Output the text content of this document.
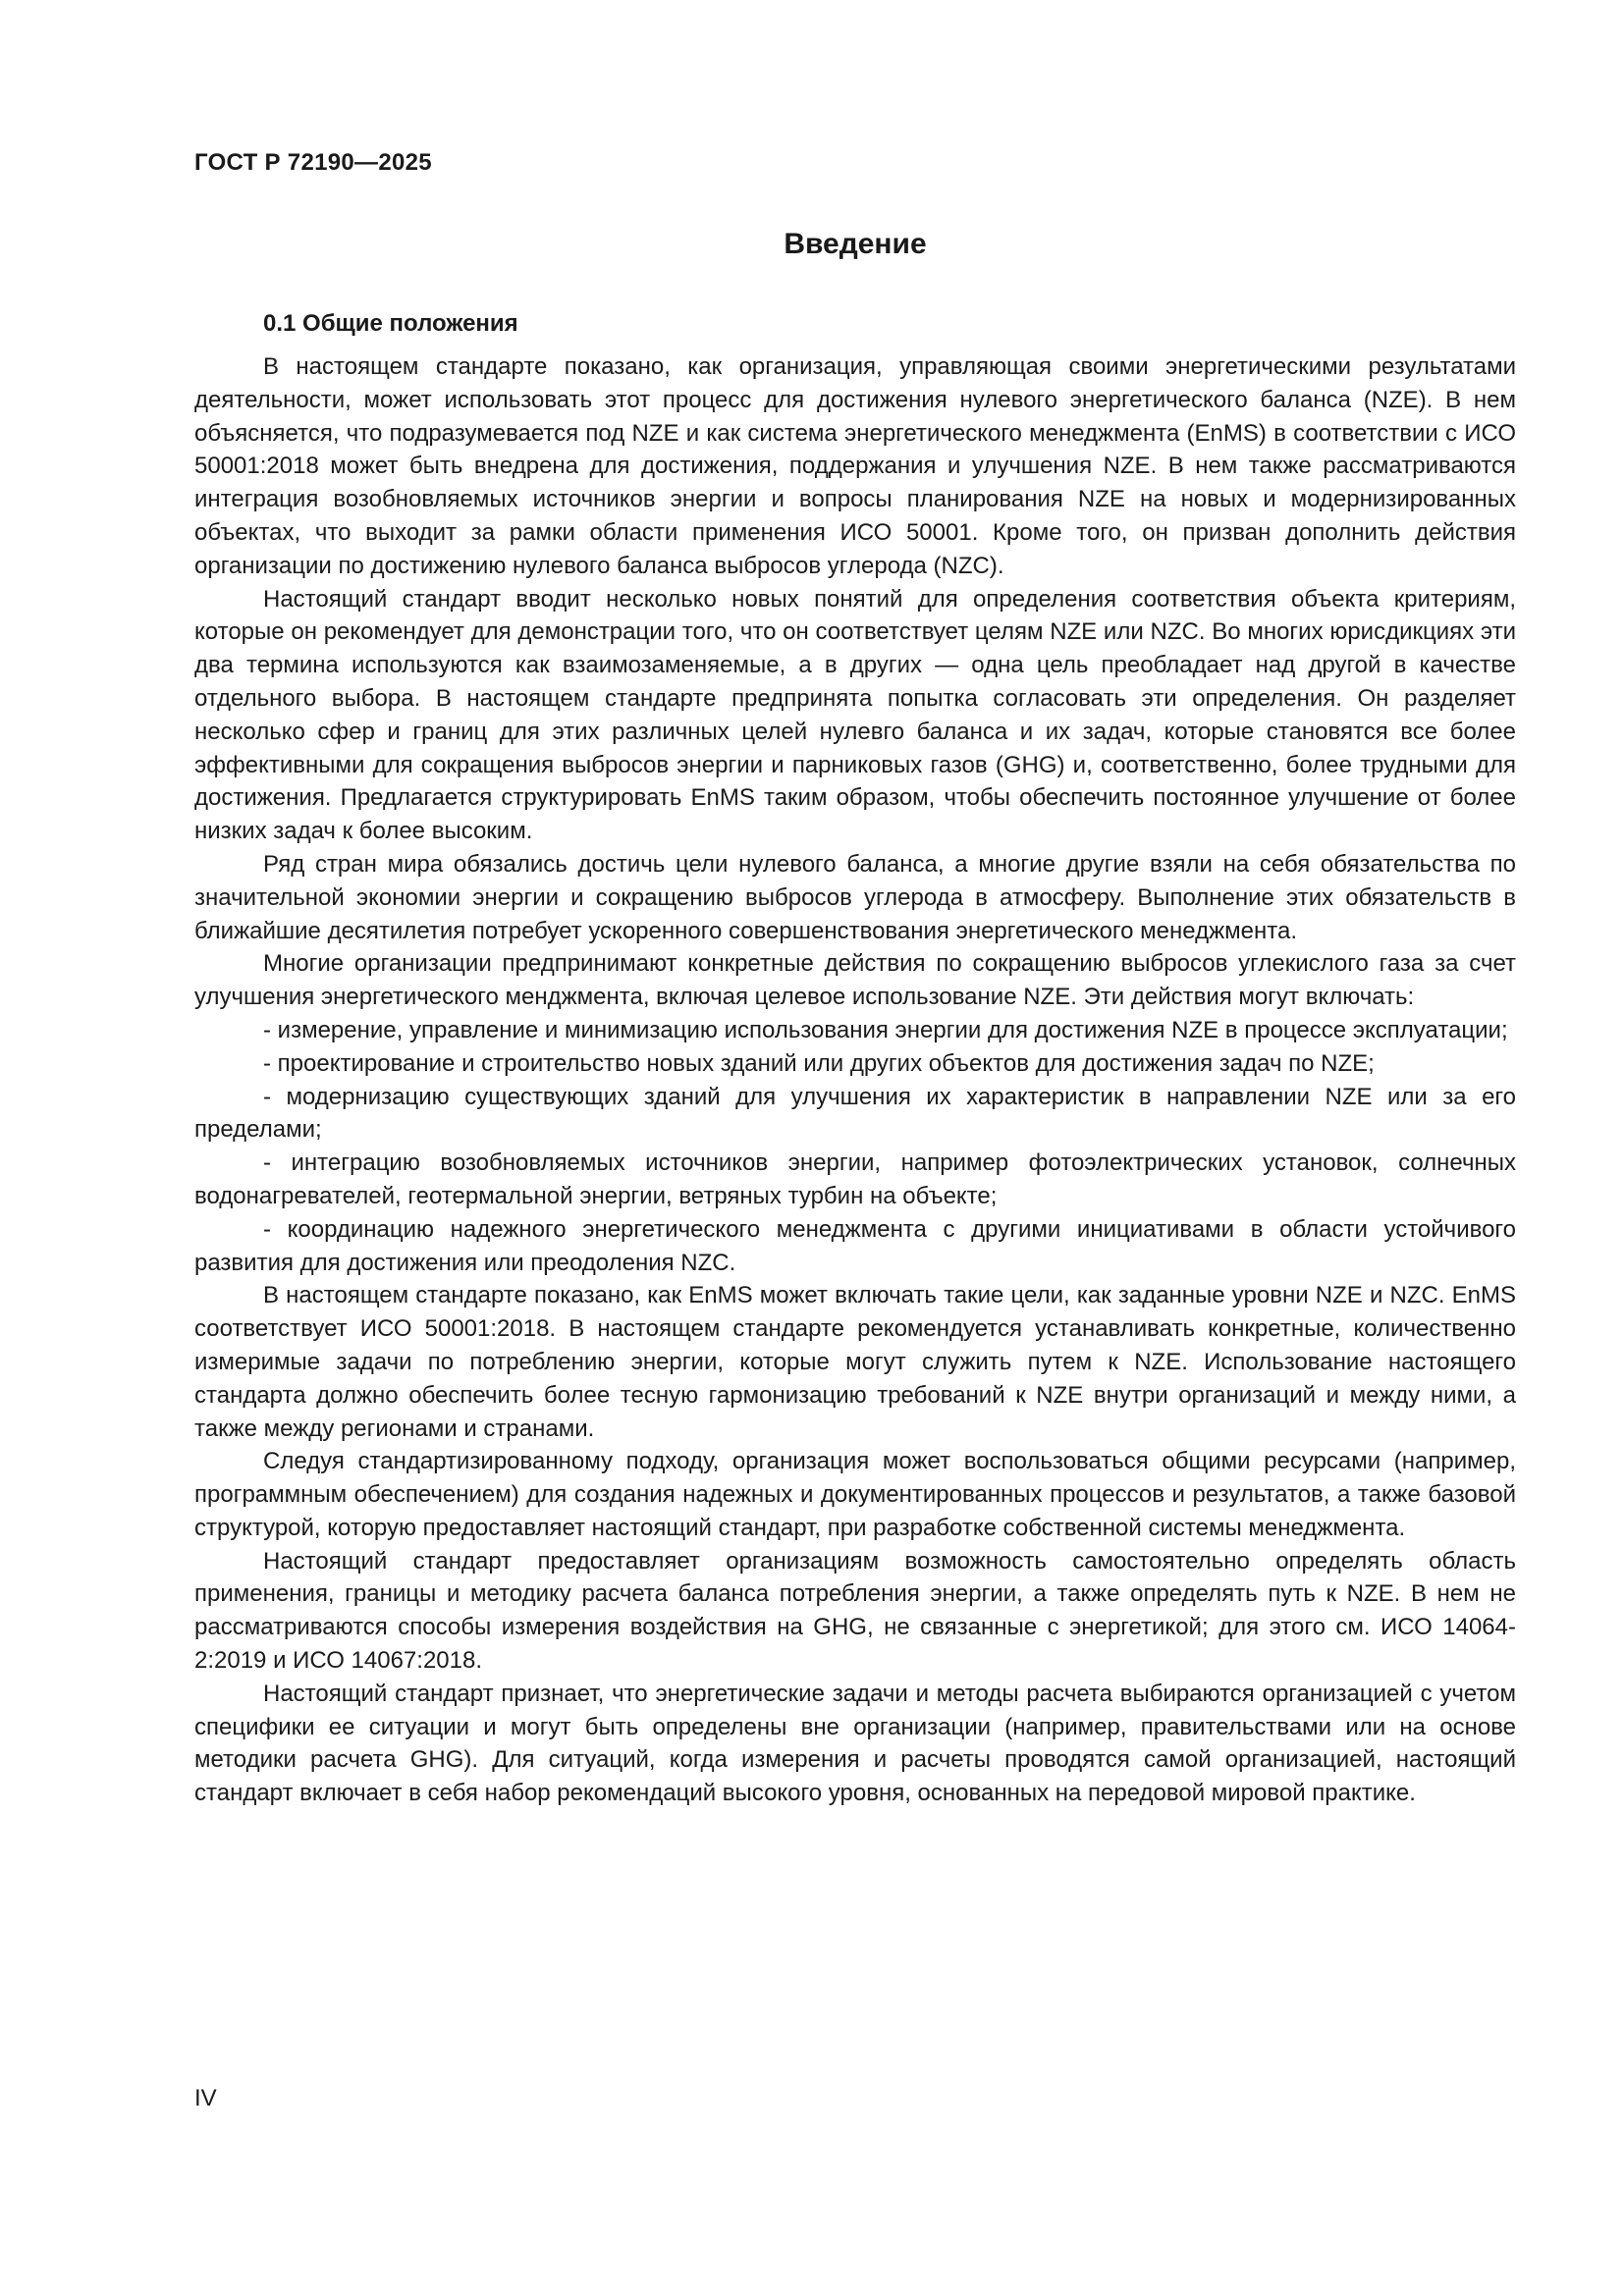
ГОСТ Р 72190—2025
Введение
0.1 Общие положения

В настоящем стандарте показано, как организация, управляющая своими энергетическими результатами деятельности, может использовать этот процесс для достижения нулевого энергетического баланса (NZE). В нем объясняется, что подразумевается под NZE и как система энергетического менеджмента (EnMS) в соответствии с ИСО 50001:2018 может быть внедрена для достижения, поддержания и улучшения NZE. В нем также рассматриваются интеграция возобновляемых источников энергии и вопросы планирования NZE на новых и модернизированных объектах, что выходит за рамки области применения ИСО 50001. Кроме того, он призван дополнить действия организации по достижению нулевого баланса выбросов углерода (NZC).

Настоящий стандарт вводит несколько новых понятий для определения соответствия объекта критериям, которые он рекомендует для демонстрации того, что он соответствует целям NZE или NZC. Во многих юрисдикциях эти два термина используются как взаимозаменяемые, а в других — одна цель преобладает над другой в качестве отдельного выбора. В настоящем стандарте предпринята попытка согласовать эти определения. Он разделяет несколько сфер и границ для этих различных целей нулевго баланса и их задач, которые становятся все более эффективными для сокращения выбросов энергии и парниковых газов (GHG) и, соответственно, более трудными для достижения. Предлагается структурировать EnMS таким образом, чтобы обеспечить постоянное улучшение от более низких задач к более высоким.

Ряд стран мира обязались достичь цели нулевого баланса, а многие другие взяли на себя обязательства по значительной экономии энергии и сокращению выбросов углерода в атмосферу. Выполнение этих обязательств в ближайшие десятилетия потребует ускоренного совершенствования энергетического менеджмента.

Многие организации предпринимают конкретные действия по сокращению выбросов углекислого газа за счет улучшения энергетического менджмента, включая целевое использование NZE. Эти действия могут включать:

- измерение, управление и минимизацию использования энергии для достижения NZE в процессе эксплуатации;

- проектирование и строительство новых зданий или других объектов для достижения задач по NZE;

- модернизацию существующих зданий для улучшения их характеристик в направлении NZE или за его пределами;

- интеграцию возобновляемых источников энергии, например фотоэлектрических установок, солнечных водонагревателей, геотермальной энергии, ветряных турбин на объекте;

- координацию надежного энергетического менеджмента с другими инициативами в области устойчивого развития для достижения или преодоления NZC.

В настоящем стандарте показано, как EnMS может включать такие цели, как заданные уровни NZE и NZC. EnMS соответствует ИСО 50001:2018. В настоящем стандарте рекомендуется устанавливать конкретные, количественно измеримые задачи по потреблению энергии, которые могут служить путем к NZE. Использование настоящего стандарта должно обеспечить более тесную гармонизацию требований к NZE внутри организаций и между ними, а также между регионами и странами.

Следуя стандартизированному подходу, организация может воспользоваться общими ресурсами (например, программным обеспечением) для создания надежных и документированных процессов и результатов, а также базовой структурой, которую предоставляет настоящий стандарт, при разработке собственной системы менеджмента.

Настоящий стандарт предоставляет организациям возможность самостоятельно определять область применения, границы и методику расчета баланса потребления энергии, а также определять путь к NZE. В нем не рассматриваются способы измерения воздействия на GHG, не связанные с энергетикой; для этого см. ИСО 14064-2:2019 и ИСО 14067:2018.

Настоящий стандарт признает, что энергетические задачи и методы расчета выбираются организацией с учетом специфики ее ситуации и могут быть определены вне организации (например, правительствами или на основе методики расчета GHG). Для ситуаций, когда измерения и расчеты проводятся самой организацией, настоящий стандарт включает в себя набор рекомендаций высокого уровня, основанных на передовой мировой практике.

IV
